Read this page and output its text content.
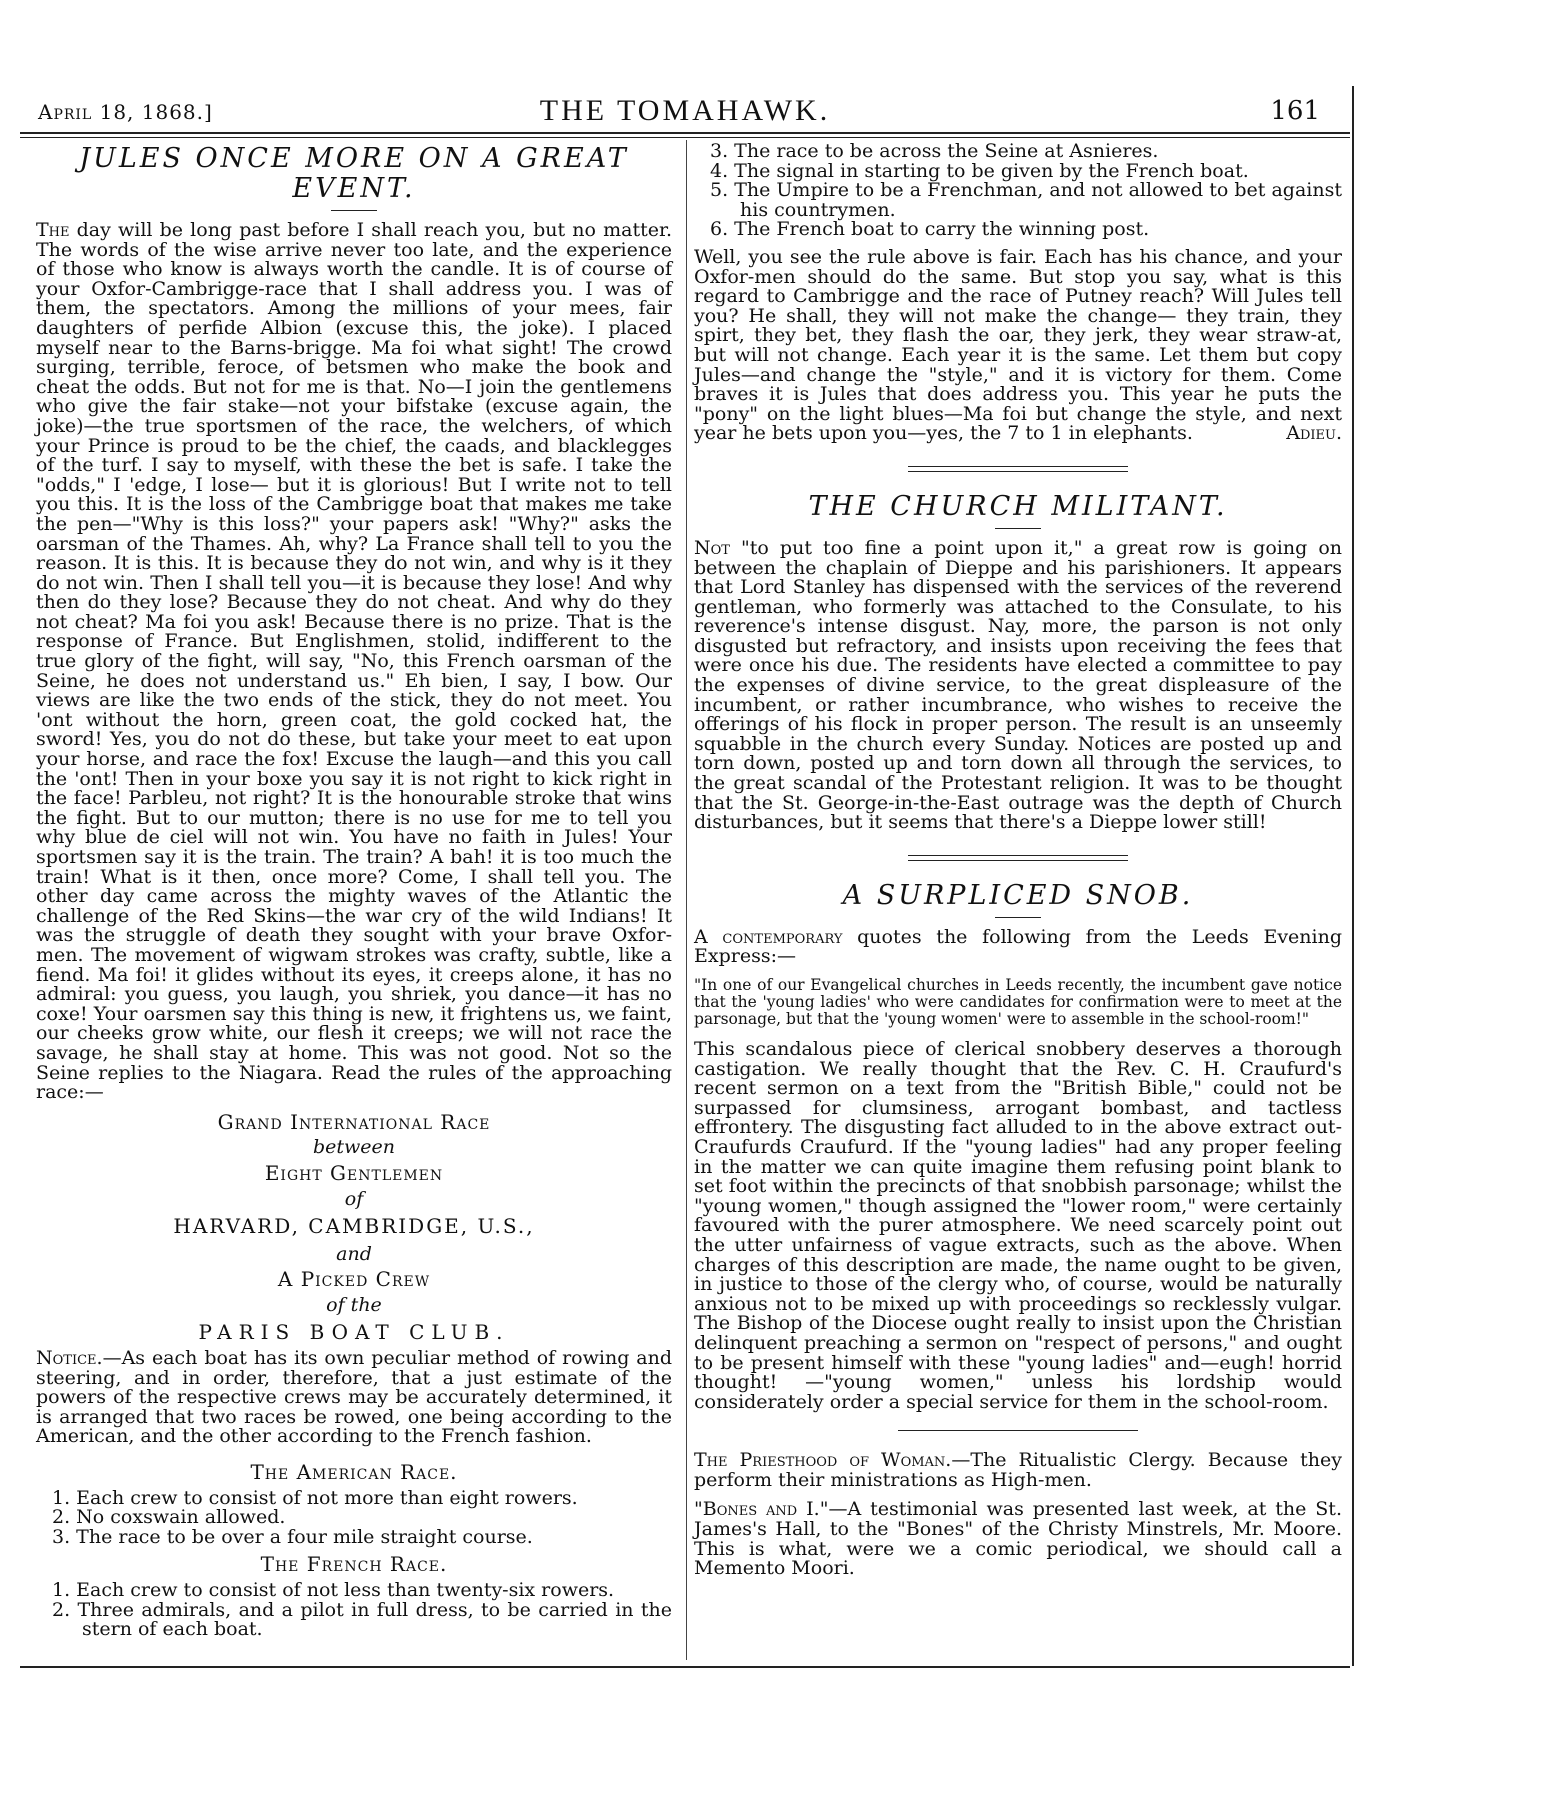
April 18, 1868.]	THE TOMAHAWK.	161
JULES ONCE MORE ON A GREAT EVENT.

The day will be long past before I shall reach you, but no matter. The words of the wise arrive never too late, and the experience of those who know is always worth the candle. It is of course of your Oxfor-Cambrigge-race that I shall address you. I was of them, the spectators. Among the millions of your mees, fair daughters of perfide Albion (excuse this, the joke). I placed myself near to the Barns-brigge. Ma foi what sight! The crowd surging, terrible, feroce, of betsmen who make the book and cheat the odds. But not for me is that. No—I join the gentlemens who give the fair stake—not your bifstake (excuse again, the joke)—the true sportsmen of the race, the welchers, of which your Prince is proud to be the chief, the caads, and blacklegges of the turf. I say to myself, with these the bet is safe. I take the "odds," I 'edge, I lose— but it is glorious! But I write not to tell you this. It is the loss of the Cambrigge boat that makes me take the pen—"Why is this loss?" your papers ask! "Why?" asks the oarsman of the Thames. Ah, why? La France shall tell to you the reason. It is this. It is because they do not win, and why is it they do not win. Then I shall tell you—it is because they lose! And why then do they lose? Because they do not cheat. And why do they not cheat? Ma foi you ask! Because there is no prize. That is the response of France. But Englishmen, stolid, indifferent to the true glory of the fight, will say, "No, this French oarsman of the Seine, he does not understand us." Eh bien, I say, I bow. Our views are like the two ends of the stick, they do not meet. You 'ont without the horn, green coat, the gold cocked hat, the sword! Yes, you do not do these, but take your meet to eat upon your horse, and race the fox! Excuse the laugh—and this you call the 'ont! Then in your boxe you say it is not right to kick right in the face! Parbleu, not right? It is the honourable stroke that wins the fight. But to our mutton; there is no use for me to tell you why blue de ciel will not win. You have no faith in Jules! Your sportsmen say it is the train. The train? A bah! it is too much the train! What is it then, once more? Come, I shall tell you. The other day came across the mighty waves of the Atlantic the challenge of the Red Skins—the war cry of the wild Indians! It was the struggle of death they sought with your brave Oxfor-men. The movement of wigwam strokes was crafty, subtle, like a fiend. Ma foi! it glides without its eyes, it creeps alone, it has no admiral: you guess, you laugh, you shriek, you dance—it has no coxe! Your oarsmen say this thing is new, it frightens us, we faint, our cheeks grow white, our flesh it creeps; we will not race the savage, he shall stay at home. This was not good. Not so the Seine replies to the Niagara. Read the rules of the approaching race:—

Grand International Race
between
Eight Gentlemen
of
HARVARD, CAMBRIDGE, U.S.,
and
A Picked Crew
of the
PARIS BOAT CLUB.

Notice.—As each boat has its own peculiar method of rowing and steering, and in order, therefore, that a just estimate of the powers of the respective crews may be accurately determined, it is arranged that two races be rowed, one being according to the American, and the other according to the French fashion.

The American Race.
1. Each crew to consist of not more than eight rowers.
2. No coxswain allowed.
3. The race to be over a four mile straight course.
The French Race.
1. Each crew to consist of not less than twenty-six rowers.
2. Three admirals, and a pilot in full dress, to be carried in the stern of each boat.
3. The race to be across the Seine at Asnieres.
4. The signal in starting to be given by the French boat.
5. The Umpire to be a Frenchman, and not allowed to bet against his countrymen.
6. The French boat to carry the winning post.

Well, you see the rule above is fair. Each has his chance, and your Oxfor-men should do the same. But stop you say, what is this regard to Cambrigge and the race of Putney reach? Will Jules tell you? He shall, they will not make the change— they train, they spirt, they bet, they flash the oar, they jerk, they wear straw-at, but will not change. Each year it is the same. Let them but copy Jules—and change the "style," and it is victory for them. Come braves it is Jules that does address you. This year he puts the "pony" on the light blues—Ma foi but change the style, and next year he bets upon you—yes, the 7 to 1 in elephants.	Adieu.

THE CHURCH MILITANT.

Not "to put too fine a point upon it," a great row is going on between the chaplain of Dieppe and his parishioners. It appears that Lord Stanley has dispensed with the services of the reverend gentleman, who formerly was attached to the Consulate, to his reverence's intense disgust. Nay, more, the parson is not only disgusted but refractory, and insists upon receiving the fees that were once his due. The residents have elected a committee to pay the expenses of divine service, to the great displeasure of the incumbent, or rather incumbrance, who wishes to receive the offerings of his flock in proper person. The result is an unseemly squabble in the church every Sunday. Notices are posted up and torn down, posted up and torn down all through the services, to the great scandal of the Protestant religion. It was to be thought that the St. George-in-the-East outrage was the depth of Church disturbances, but it seems that there's a Dieppe lower still!

A SURPLICED SNOB.

A contemporary quotes the following from the Leeds Evening Express:—

"In one of our Evangelical churches in Leeds recently, the incumbent gave notice that the 'young ladies' who were candidates for confirmation were to meet at the parsonage, but that the 'young women' were to assemble in the school-room!"

This scandalous piece of clerical snobbery deserves a thorough castigation. We really thought that the Rev. C. H. Craufurd's recent sermon on a text from the "British Bible," could not be surpassed for clumsiness, arrogant bombast, and tactless effrontery. The disgusting fact alluded to in the above extract out-Craufurds Craufurd. If the "young ladies" had any proper feeling in the matter we can quite imagine them refusing point blank to set foot within the precincts of that snobbish parsonage; whilst the "young women," though assigned the "lower room," were certainly favoured with the purer atmosphere. We need scarcely point out the utter unfairness of vague extracts, such as the above. When charges of this description are made, the name ought to be given, in justice to those of the clergy who, of course, would be naturally anxious not to be mixed up with proceedings so recklessly vulgar. The Bishop of the Diocese ought really to insist upon the Christian delinquent preaching a sermon on "respect of persons," and ought to be present himself with these "young ladies" and—eugh! horrid thought! —"young women," unless his lordship would considerately order a special service for them in the school-room.

The Priesthood of Woman.—The Ritualistic Clergy. Because they perform their ministrations as High-men.

"Bones and I."—A testimonial was presented last week, at the St. James's Hall, to the "Bones" of the Christy Minstrels, Mr. Moore. This is what, were we a comic periodical, we should call a Memento Moori.
